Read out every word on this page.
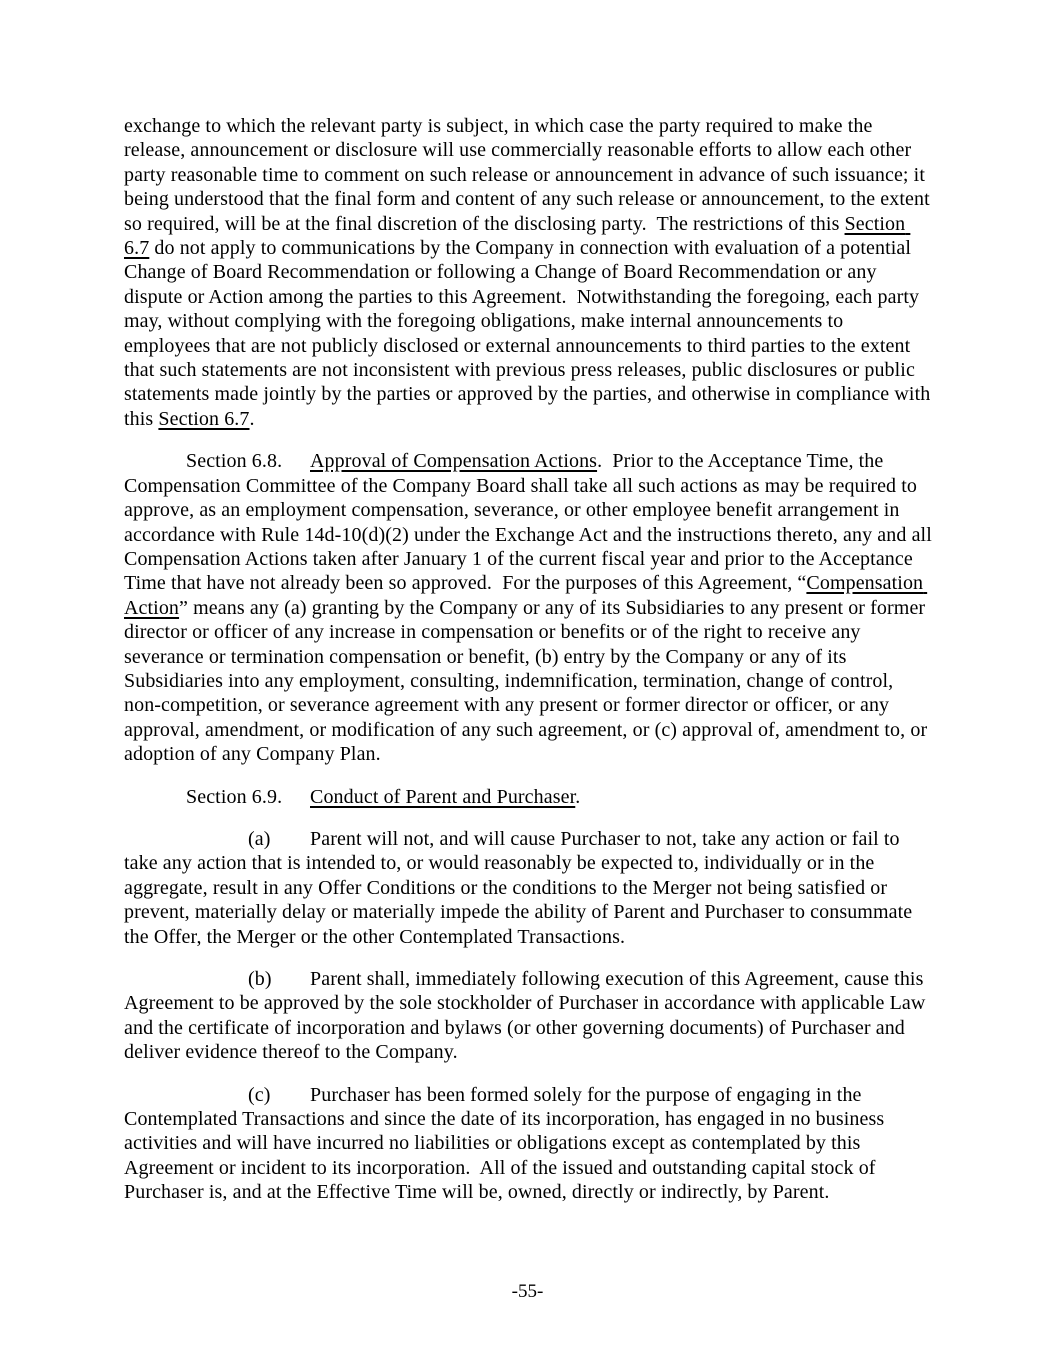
exchange to which the relevant party is subject, in which case the party required to make the release, announcement or disclosure will use commercially reasonable efforts to allow each other party reasonable time to comment on such release or announcement in advance of such issuance; it being understood that the final form and content of any such release or announcement, to the extent so required, will be at the final discretion of the disclosing party.  The restrictions of this Section 6.7 do not apply to communications by the Company in connection with evaluation of a potential Change of Board Recommendation or following a Change of Board Recommendation or any dispute or Action among the parties to this Agreement.  Notwithstanding the foregoing, each party may, without complying with the foregoing obligations, make internal announcements to employees that are not publicly disclosed or external announcements to third parties to the extent that such statements are not inconsistent with previous press releases, public disclosures or public statements made jointly by the parties or approved by the parties, and otherwise in compliance with this Section 6.7.

Section 6.8. Approval of Compensation Actions.  Prior to the Acceptance Time, the Compensation Committee of the Company Board shall take all such actions as may be required to approve, as an employment compensation, severance, or other employee benefit arrangement in accordance with Rule 14d-10(d)(2) under the Exchange Act and the instructions thereto, any and all Compensation Actions taken after January 1 of the current fiscal year and prior to the Acceptance Time that have not already been so approved.  For the purposes of this Agreement, “Compensation Action” means any (a) granting by the Company or any of its Subsidiaries to any present or former director or officer of any increase in compensation or benefits or of the right to receive any severance or termination compensation or benefit, (b) entry by the Company or any of its Subsidiaries into any employment, consulting, indemnification, termination, change of control, non-competition, or severance agreement with any present or former director or officer, or any approval, amendment, or modification of any such agreement, or (c) approval of, amendment to, or adoption of any Company Plan.

Section 6.9. Conduct of Parent and Purchaser.

(a) Parent will not, and will cause Purchaser to not, take any action or fail to take any action that is intended to, or would reasonably be expected to, individually or in the aggregate, result in any Offer Conditions or the conditions to the Merger not being satisfied or prevent, materially delay or materially impede the ability of Parent and Purchaser to consummate the Offer, the Merger or the other Contemplated Transactions.

(b) Parent shall, immediately following execution of this Agreement, cause this Agreement to be approved by the sole stockholder of Purchaser in accordance with applicable Law and the certificate of incorporation and bylaws (or other governing documents) of Purchaser and deliver evidence thereof to the Company.

(c) Purchaser has been formed solely for the purpose of engaging in the Contemplated Transactions and since the date of its incorporation, has engaged in no business activities and will have incurred no liabilities or obligations except as contemplated by this Agreement or incident to its incorporation.  All of the issued and outstanding capital stock of Purchaser is, and at the Effective Time will be, owned, directly or indirectly, by Parent.

-55-
